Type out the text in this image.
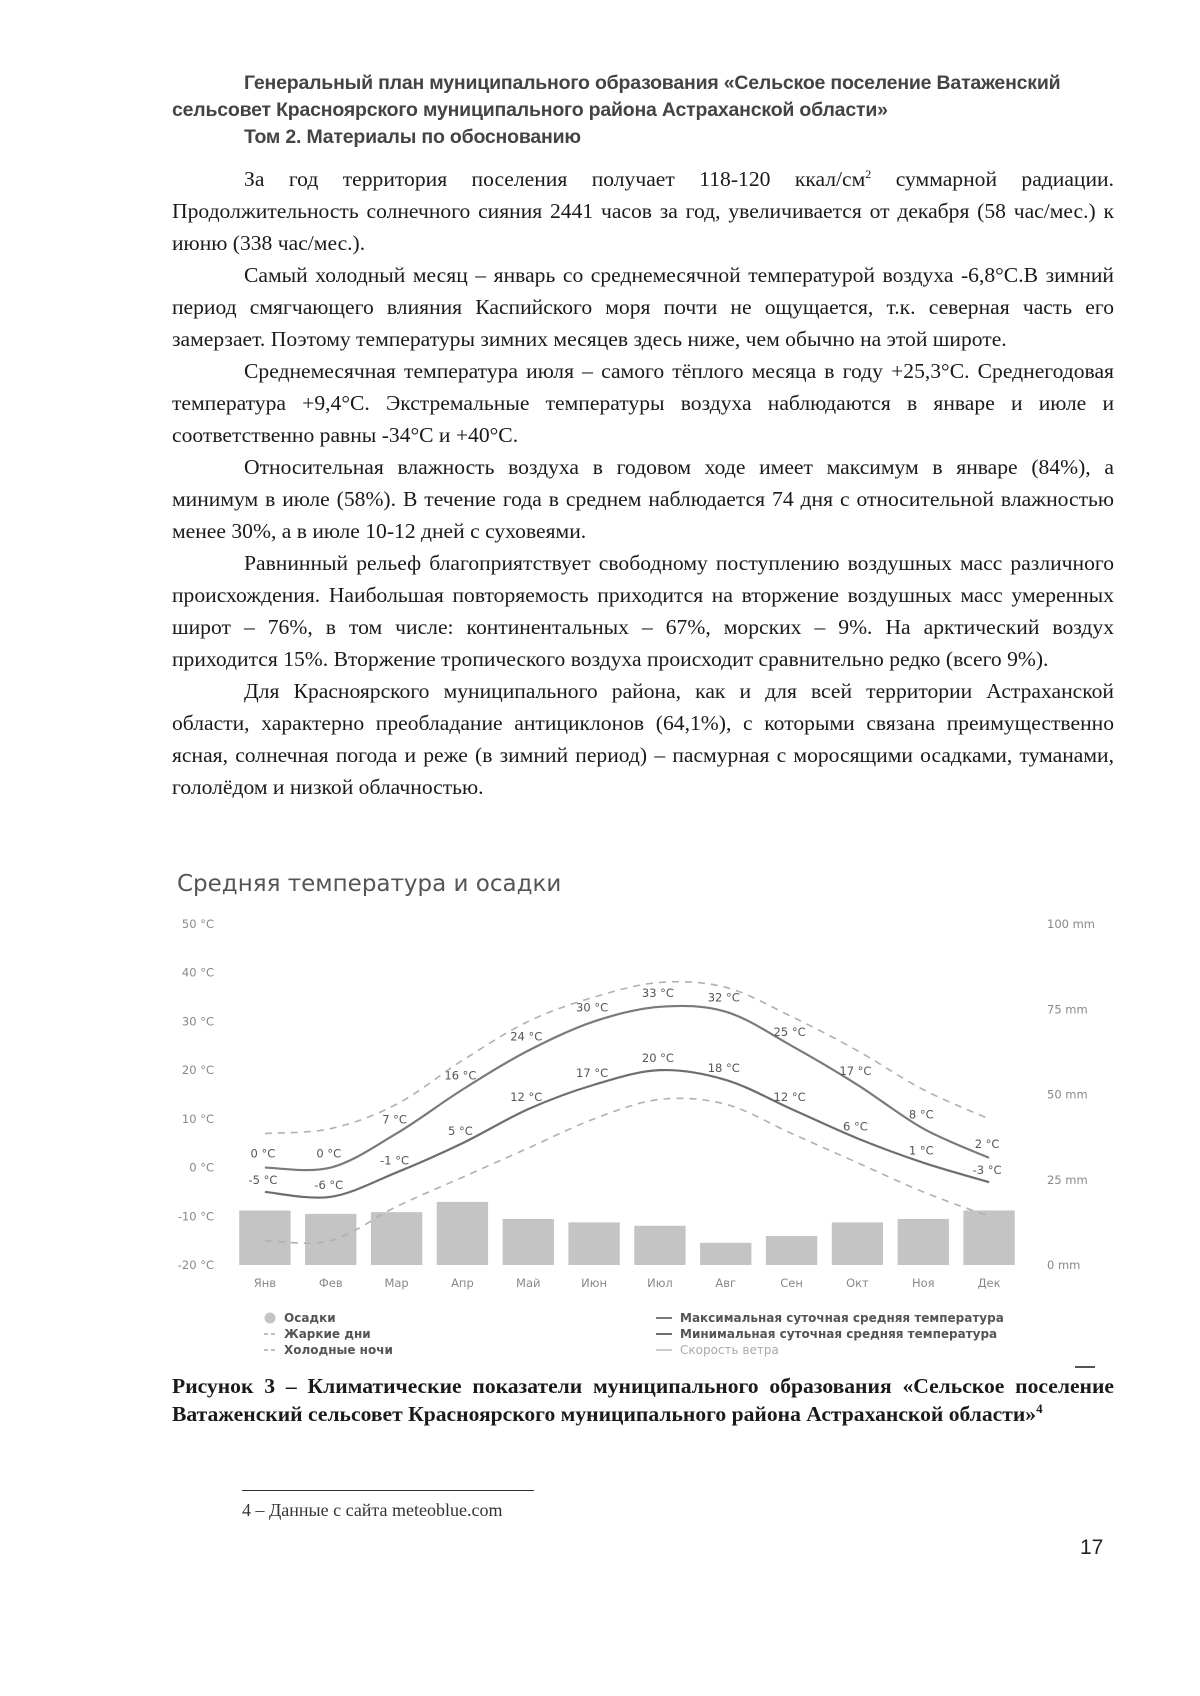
Генеральный план муниципального образования «Сельское поселение Ватаженский
сельсовет Красноярского муниципального района Астраханской области»
Том 2. Материалы по обоснованию

За год территория поселения получает 118-120 ккал/$см^2$ суммарной радиации. Продолжительность солнечного сияния 2441 часов за год, увеличивается от декабря (58 час/мес.) к июню (338 час/мес.).

Самый холодный месяц – январь со среднемесячной температурой воздуха -6,8°С.В зимний период смягчающего влияния Каспийского моря почти не ощущается, т.к. северная часть его замерзает. Поэтому температуры зимних месяцев здесь ниже, чем обычно на этой широте.

Среднемесячная температура июля – самого тёплого месяца в году +25,3°С. Среднегодовая температура +9,4°С. Экстремальные температуры воздуха наблюдаются в январе и июле и соответственно равны -34°С и +40°С.

Относительная влажность воздуха в годовом ходе имеет максимум в январе (84%), а минимум в июле (58%). В течение года в среднем наблюдается 74 дня с относительной влажностью менее 30%, а в июле 10-12 дней с суховеями.

Равнинный рельеф благоприятствует свободному поступлению воздушных масс различного происхождения. Наибольшая повторяемость приходится на вторжение воздушных масс умеренных широт – 76%, в том числе: континентальных – 67%, морских – 9%. На арктический воздух приходится 15%. Вторжение тропического воздуха происходит сравнительно редко (всего 9%).

Для Красноярского муниципального района, как и для всей территории Астраханской области, характерно преобладание антициклонов (64,1%), с которыми связана преимущественно ясная, солнечная погода и реже (в зимний период) – пасмурная с моросящими осадками, туманами, гололёдом и низкой облачностью.

Средняя температура и осадки
50 °C
40 °C
30 °C
20 °C
10 °C
0 °C
-10 °C
-20 °C
100 mm
75 mm
50 mm
25 mm
0 mm
Янв	Фев	Мар	Апр	Май	Июн	Июл	Авг	Сен	Окт	Ноя	Дек
0 °C	0 °C
7 °C
16 °C
24 °C
30 °C
33 °C	32 °C
25 °C
17 °C
8 °C
2 °C
-5 °C	-6 °C
-1 °C
5 °C
12 °C
17 °C
20 °C
18 °C
12 °C
6 °C
1 °C
-3 °C
Осадки
Жаркие дни
Холодные ночи
Максимальная суточная средняя температура
Минимальная суточная средняя температура
Скорость ветра
Рисунок 3 – Климатические показатели муниципального образования «Сельское поселение Ватаженский сельсовет Красноярского муниципального района Астраханской области»$^4$
4 – Данные с сайта meteoblue.com
17
